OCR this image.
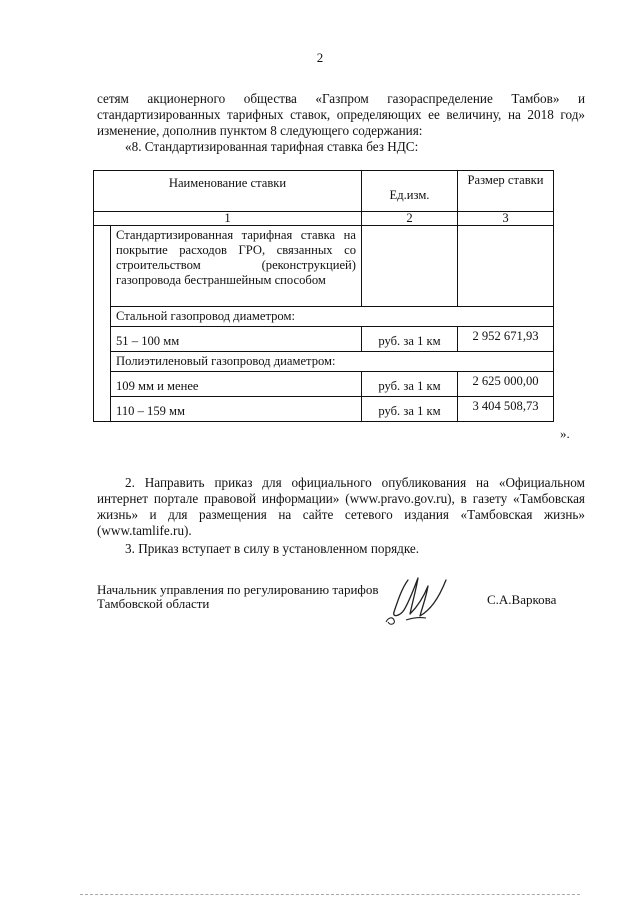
2

сетям акционерного общества «Газпром газораспределение Тамбов» и стандартизированных тарифных ставок, определяющих ее величину, на 2018 год» изменение, дополнив пунктом 8 следующего содержания:

«8. Стандартизированная тарифная ставка без НДС:

Наименование ставки		Ед.изм.	Размер ставки
1		2	3
	Стандартизированная тарифная ставка на покрытие расходов ГРО, связанных со строительством (реконструкцией) газопровода бестраншейным способом		
	Стальной газопровод диаметром:		
	51 – 100 мм	руб. за 1 км	2 952 671,93
	Полиэтиленовый газопровод диаметром:		
	109 мм и менее	руб. за 1 км	2 625 000,00
	110 – 159 мм	руб. за 1 км	3 404 508,73
».

2. Направить приказ для официального опубликования на «Официальном интернет портале правовой информации» (www.pravo.gov.ru), в газету «Тамбовская жизнь» и для размещения на сайте сетевого издания «Тамбовская жизнь» (www.tamlife.ru).

3. Приказ вступает в силу в установленном порядке.

Начальник управления по регулированию тарифов Тамбовской области	С.А.Варкова
